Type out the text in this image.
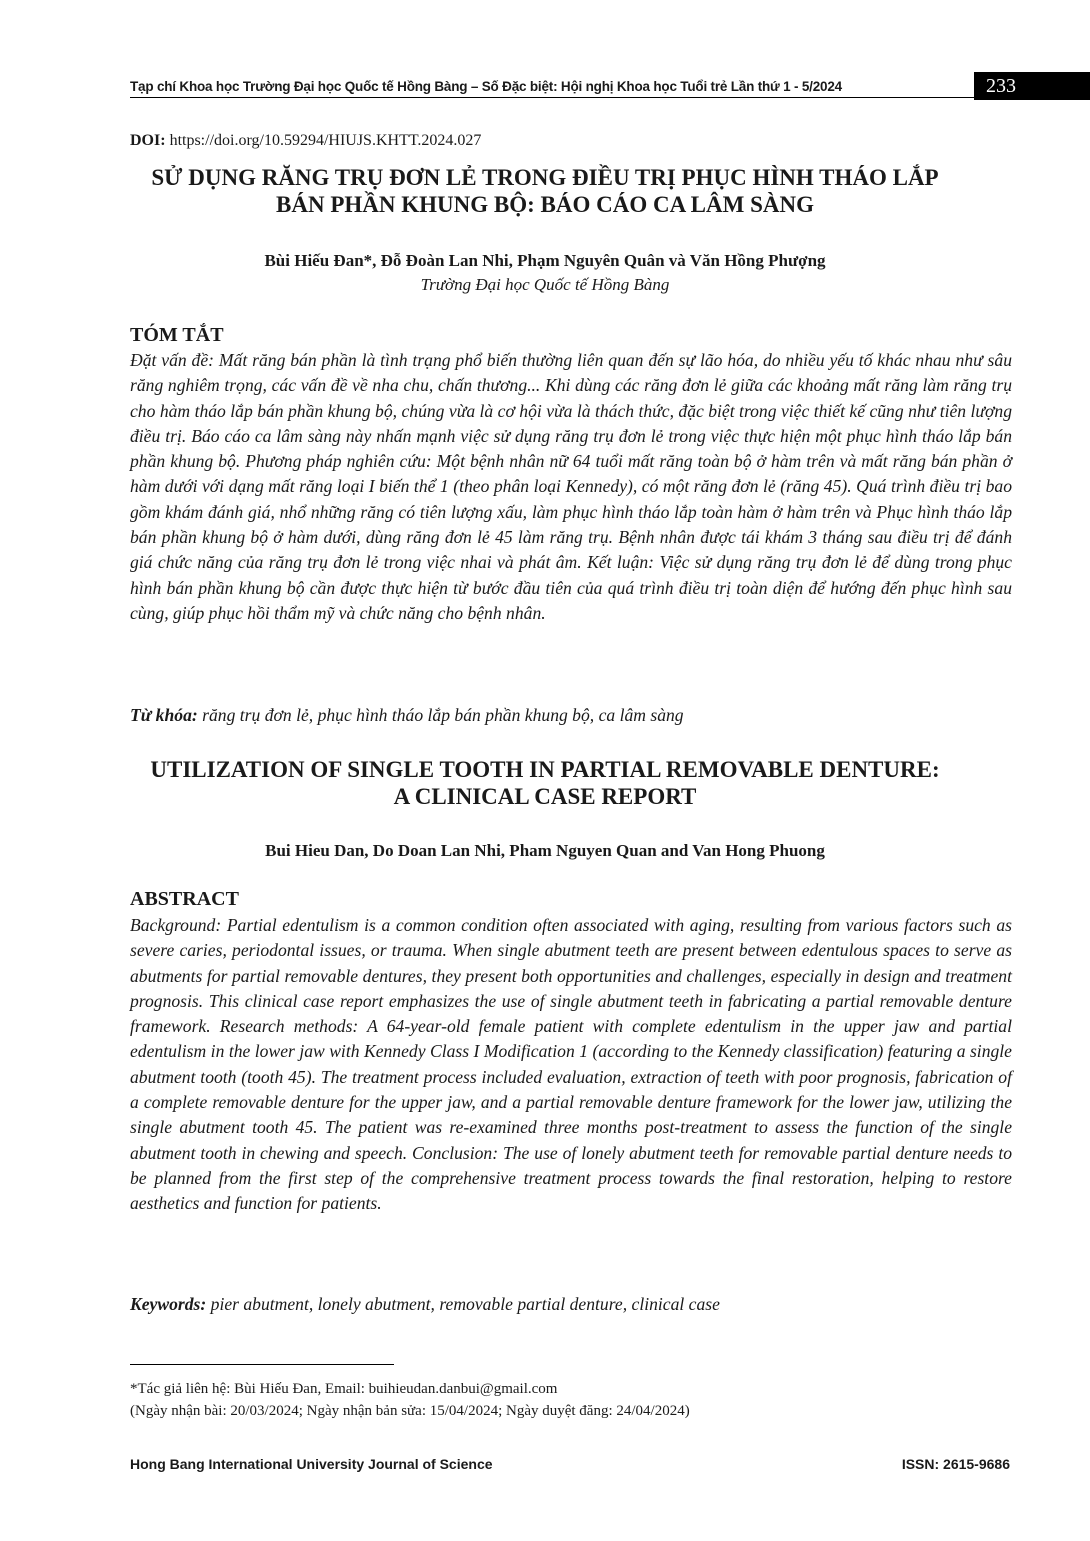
Tạp chí Khoa học Trường Đại học Quốc tế Hồng Bàng – Số Đặc biệt: Hội nghị Khoa học Tuổi trẻ Lần thứ 1 - 5/2024	233
DOI: https://doi.org/10.59294/HIUJS.KHTT.2024.027
SỬ DỤNG RĂNG TRỤ ĐƠN LẺ TRONG ĐIỀU TRỊ PHỤC HÌNH THÁO LẮP
BÁN PHẦN KHUNG BỘ: BÁO CÁO CA LÂM SÀNG
Bùi Hiếu Đan*, Đỗ Đoàn Lan Nhi, Phạm Nguyên Quân và Văn Hồng Phượng
Trường Đại học Quốc tế Hồng Bàng
TÓM TẮT

Đặt vấn đề: Mất răng bán phần là tình trạng phổ biến thường liên quan đến sự lão hóa, do nhiều yếu tố khác nhau như sâu răng nghiêm trọng, các vấn đề về nha chu, chấn thương... Khi dùng các răng đơn lẻ giữa các khoảng mất răng làm răng trụ cho hàm tháo lắp bán phần khung bộ, chúng vừa là cơ hội vừa là thách thức, đặc biệt trong việc thiết kế cũng như tiên lượng điều trị. Báo cáo ca lâm sàng này nhấn mạnh việc sử dụng răng trụ đơn lẻ trong việc thực hiện một phục hình tháo lắp bán phần khung bộ. Phương pháp nghiên cứu: Một bệnh nhân nữ 64 tuổi mất răng toàn bộ ở hàm trên và mất răng bán phần ở hàm dưới với dạng mất răng loại I biến thể 1 (theo phân loại Kennedy), có một răng đơn lẻ (răng 45). Quá trình điều trị bao gồm khám đánh giá, nhổ những răng có tiên lượng xấu, làm phục hình tháo lắp toàn hàm ở hàm trên và Phục hình tháo lắp bán phần khung bộ ở hàm dưới, dùng răng đơn lẻ 45 làm răng trụ. Bệnh nhân được tái khám 3 tháng sau điều trị để đánh giá chức năng của răng trụ đơn lẻ trong việc nhai và phát âm. Kết luận: Việc sử dụng răng trụ đơn lẻ để dùng trong phục hình bán phần khung bộ cần được thực hiện từ bước đầu tiên của quá trình điều trị toàn diện để hướng đến phục hình sau cùng, giúp phục hồi thẩm mỹ và chức năng cho bệnh nhân.

Từ khóa: răng trụ đơn lẻ, phục hình tháo lắp bán phần khung bộ, ca lâm sàng
UTILIZATION OF SINGLE TOOTH IN PARTIAL REMOVABLE DENTURE:
A CLINICAL CASE REPORT
Bui Hieu Dan, Do Doan Lan Nhi, Pham Nguyen Quan and Van Hong Phuong
ABSTRACT

Background: Partial edentulism is a common condition often associated with aging, resulting from various factors such as severe caries, periodontal issues, or trauma. When single abutment teeth are present between edentulous spaces to serve as abutments for partial removable dentures, they present both opportunities and challenges, especially in design and treatment prognosis. This clinical case report emphasizes the use of single abutment teeth in fabricating a partial removable denture framework. Research methods: A 64-year-old female patient with complete edentulism in the upper jaw and partial edentulism in the lower jaw with Kennedy Class I Modification 1 (according to the Kennedy classification) featuring a single abutment tooth (tooth 45). The treatment process included evaluation, extraction of teeth with poor prognosis, fabrication of a complete removable denture for the upper jaw, and a partial removable denture framework for the lower jaw, utilizing the single abutment tooth 45. The patient was re-examined three months post-treatment to assess the function of the single abutment tooth in chewing and speech. Conclusion: The use of lonely abutment teeth for removable partial denture needs to be planned from the first step of the comprehensive treatment process towards the final restoration, helping to restore aesthetics and function for patients.

Keywords: pier abutment, lonely abutment, removable partial denture, clinical case
*Tác giả liên hệ: Bùi Hiếu Đan, Email: buihieudan.danbui@gmail.com
(Ngày nhận bài: 20/03/2024; Ngày nhận bản sửa: 15/04/2024; Ngày duyệt đăng: 24/04/2024)
Hong Bang International University Journal of Science	ISSN: 2615-9686
